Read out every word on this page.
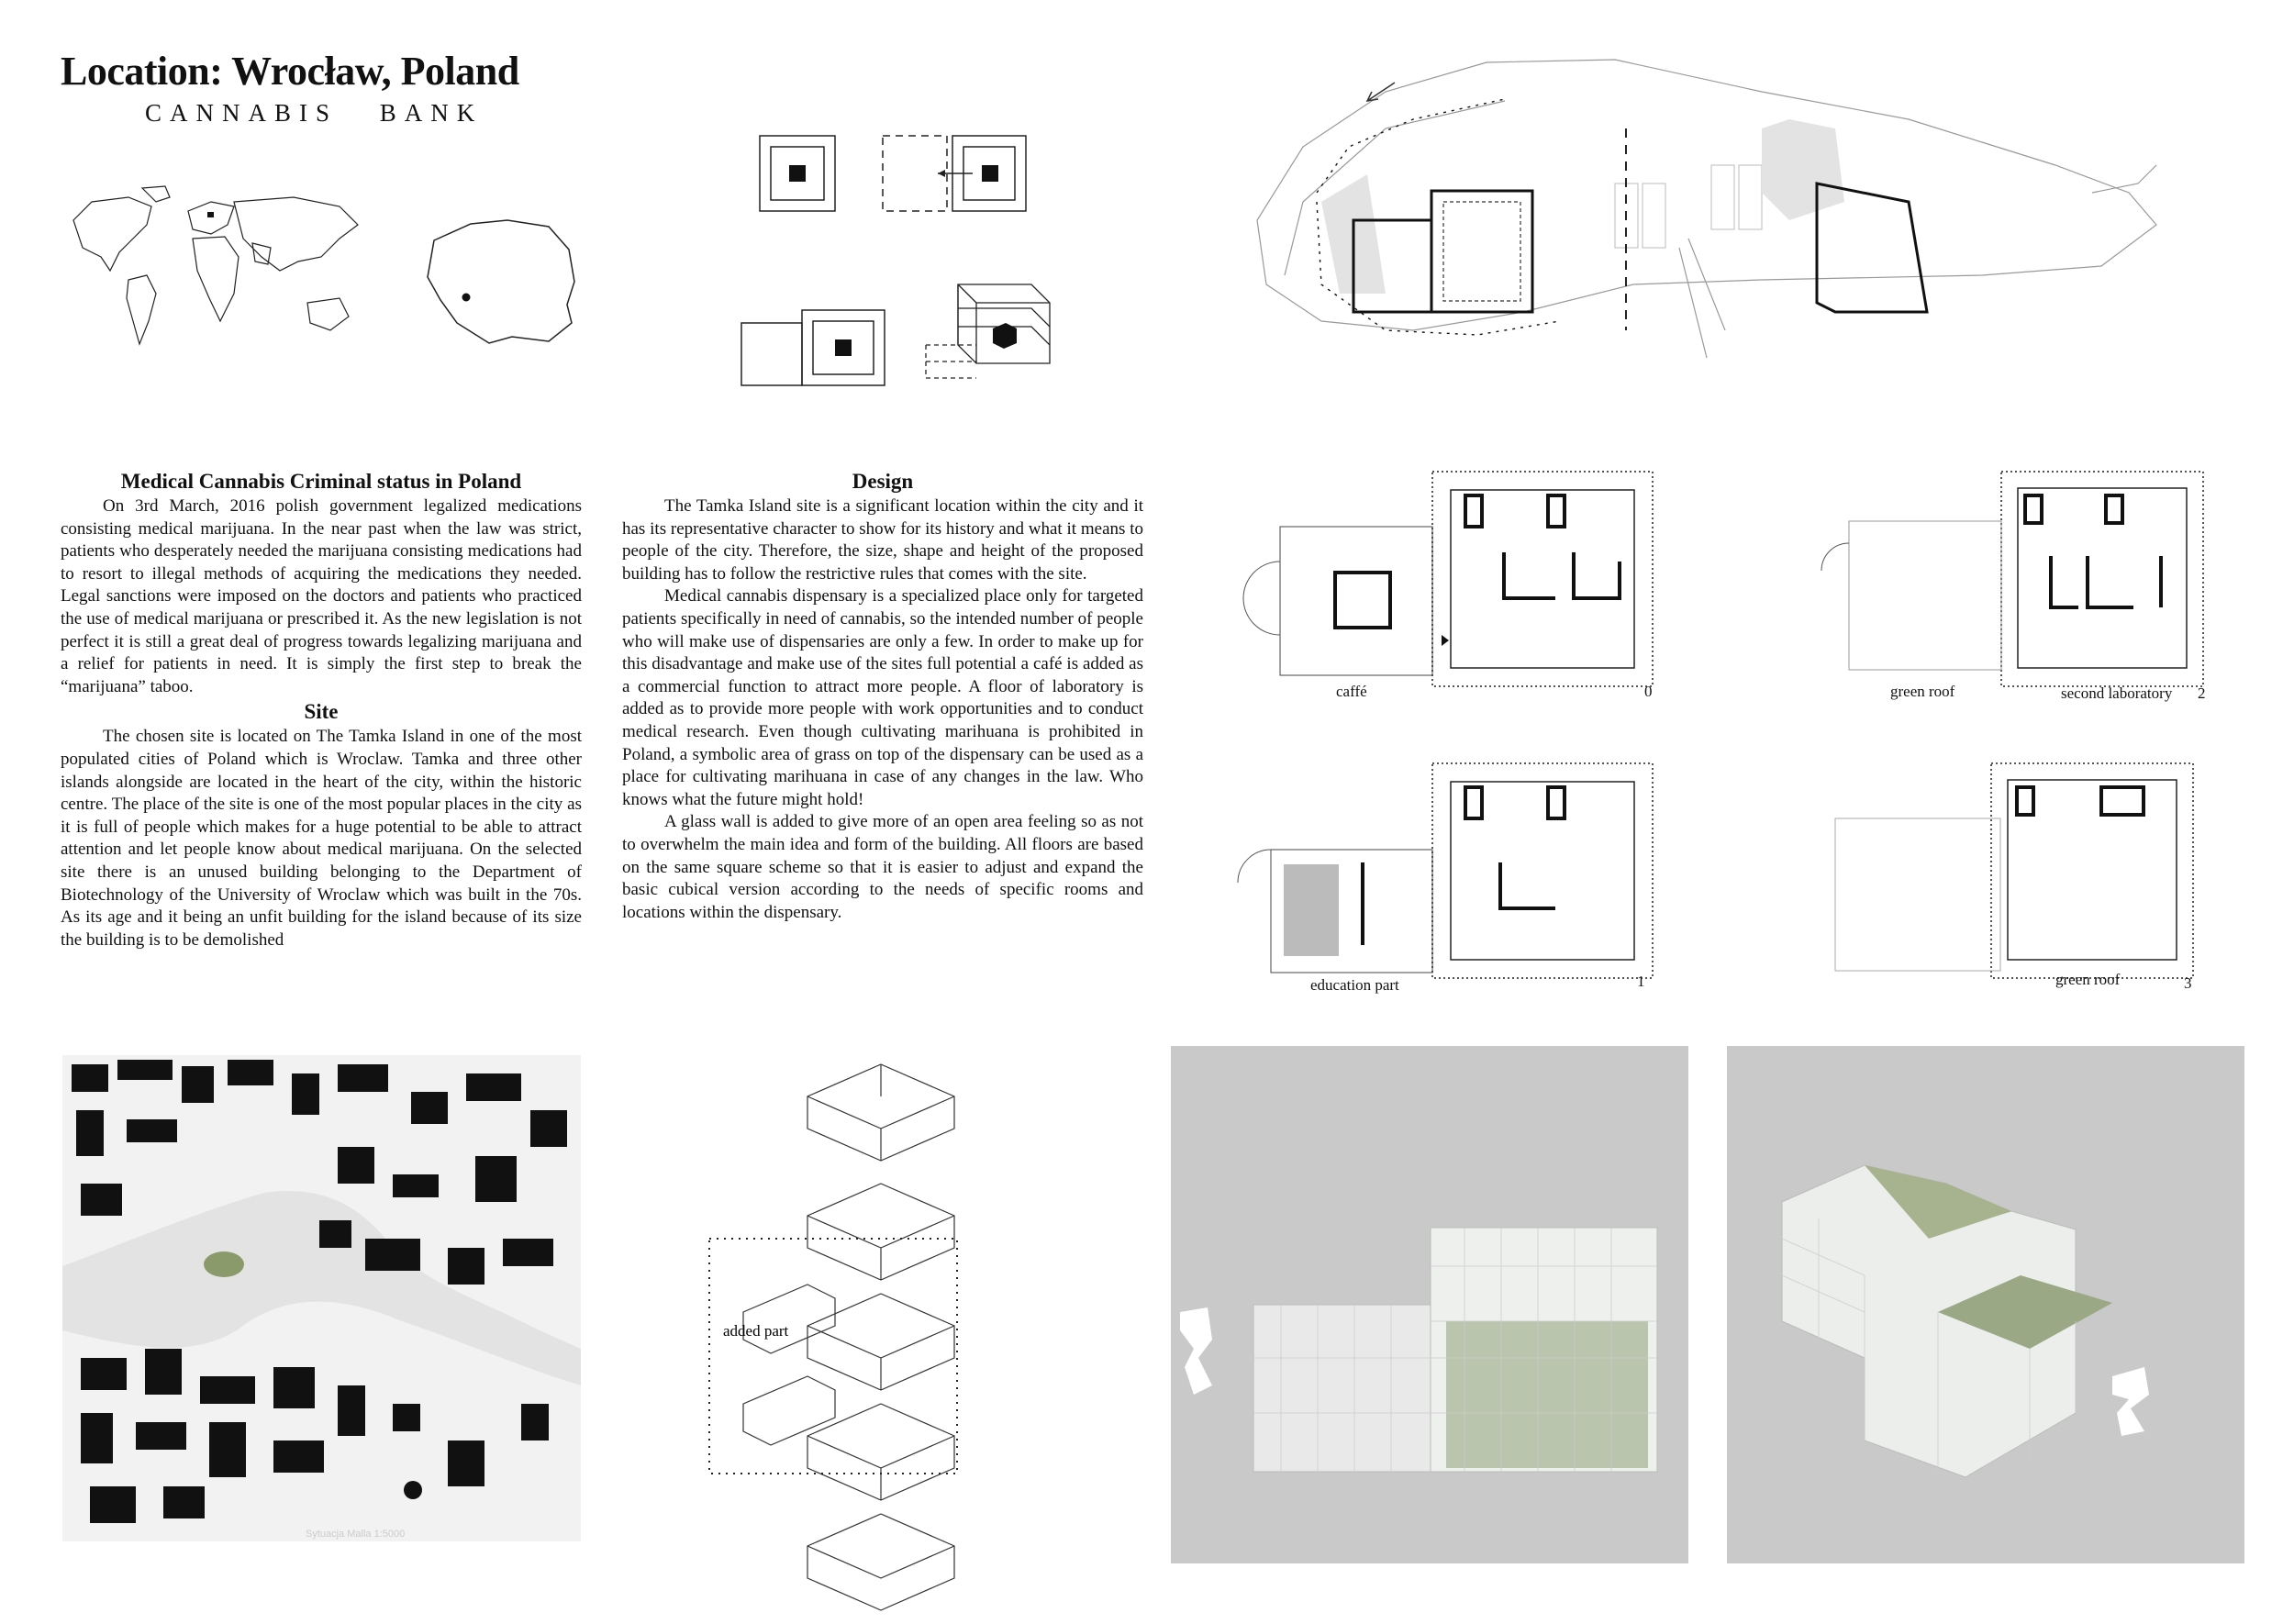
Location: Wrocław, Poland
CANNABIS BANK
Medical Cannabis Criminal status in Poland

On 3rd March, 2016 polish government legalized medications consisting medical marijuana. In the near past when the law was strict, patients who desperately needed the marijuana consisting medications had to resort to illegal methods of acquiring the medications they needed. Legal sanctions were imposed on the doctors and patients who practiced the use of medical marijuana or prescribed it. As the new legislation is not perfect it is still a great deal of progress towards legalizing marijuana and a relief for patients in need. It is simply the first step to break the “marijuana” taboo.

Site

The chosen site is located on The Tamka Island in one of the most populated cities of Poland which is Wroclaw. Tamka and three other islands alongside are located in the heart of the city, within the historic centre. The place of the site is one of the most popular places in the city as it is full of people which makes for a huge potential to be able to attract attention and let people know about medical marijuana. On the selected site there is an unused building belonging to the Department of Biotechnology of the University of Wroclaw which was built in the 70s. As its age and it being an unfit building for the island because of its size the building is to be demolished

Design

The Tamka Island site is a significant location within the city and it has its representative character to show for its history and what it means to people of the city. Therefore, the size, shape and height of the proposed building has to follow the restrictive rules that comes with the site.

Medical cannabis dispensary is a specialized place only for targeted patients specifically in need of cannabis, so the intended number of people who will make use of dispensaries are only a few. In order to make up for this disadvantage and make use of the sites full potential a café is added as a commercial function to attract more people. A floor of laboratory is added as to provide more people with work opportunities and to conduct medical research. Even though cultivating marihuana is prohibited in Poland, a symbolic area of grass on top of the dispensary can be used as a place for cultivating marihuana in case of any changes in the law. Who knows what the future might hold!

A glass wall is added to give more of an open area feeling so as not to overwhelm the main idea and form of the building. All floors are based on the same square scheme so that it is easier to adjust and expand the basic cubical version according to the needs of specific rooms and locations within the dispensary.

caffé	0	green roof	second laboratory 2
education part	1	green roof	3
Sytuacja Malla 1:5000
added part
